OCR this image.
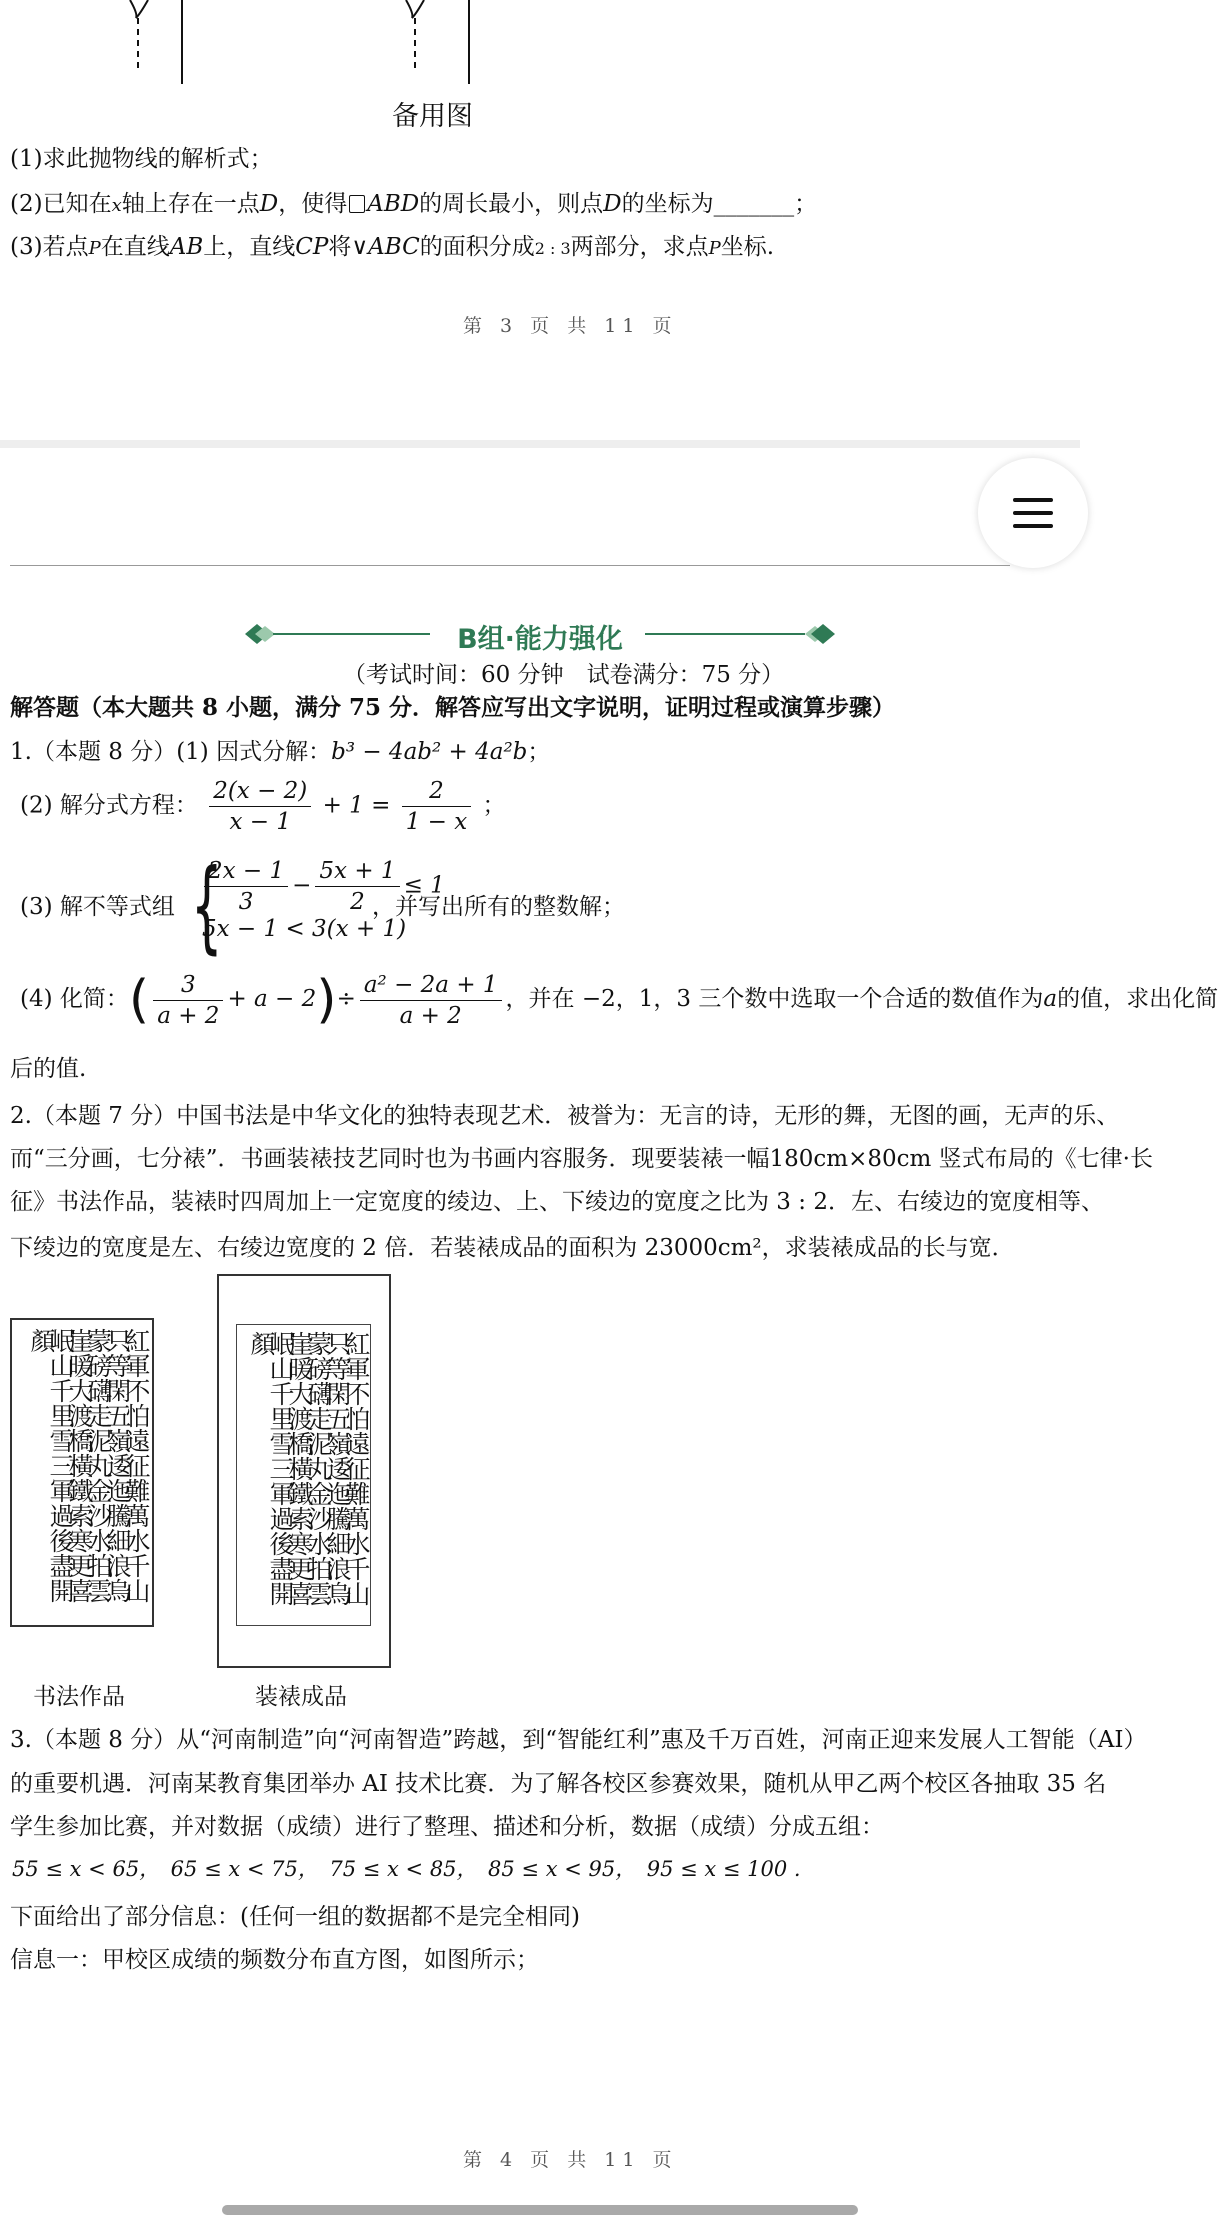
备用图
(1)求此抛物线的解析式；
(2)已知在x轴上存在一点D，使得 ABD的周长最小，则点D的坐标为_______；
(3)若点P在直线AB上，直线CP将∨ABC的面积分成2 : 3两部分，求点P坐标.
第 3 页 共 11 页
B组·能力强化
（考试时间：60 分钟　试卷满分：75 分）
解答题（本大题共 8 小题，满分 75 分．解答应写出文字说明，证明过程或演算步骤）
1.（本题 8 分）(1) 因式分解：b³ − 4ab² + 4a²b；
(2) 解分式方程： $\frac{2(x - 2)}{x - 1} + 1 = \frac{2}{1 - x}$ ；
(3) 解不等式组 {
$\frac{2x - 1}{3} - \frac{5x + 1}{2} \le 1$
5x − 1 < 3(x + 1)
，并写出所有的整数解；
(4) 化简：( $\frac{3}{a + 2} + a - 2)\div \frac{\text{a² − 2a + 1}}{a + 2}$ ，并在 −2，1，3 三个数中选取一个合适的数值作为a的值，求出化简
后的值.
2.（本题 7 分）中国书法是中华文化的独特表现艺术．被誉为：无言的诗，无形的舞，无图的画，无声的乐、
而“三分画，七分裱”．书画装裱技艺同时也为书画内容服务．现要装裱一幅180cm×80cm 竖式布局的《七律·长
征》书法作品，装裱时四周加上一定宽度的绫边、上、下绫边的宽度之比为 3 : 2．左、右绫边的宽度相等、
下绫边的宽度是左、右绫边宽度的 2 倍．若装裱成品的面积为 23000cm²，求装裱成品的长与宽．
紅軍不怕遠征難萬水千山只等閑五嶺逶迤騰細浪烏蒙磅礴走泥丸金沙水拍雲崖暖大渡橋橫鐵索寒更喜岷山千里雪三軍過後盡開顏	紅軍不怕遠征難萬水千山只等閑五嶺逶迤騰細浪烏蒙磅礴走泥丸金沙水拍雲崖暖大渡橋橫鐵索寒更喜岷山千里雪三軍過後盡開顏
书法作品	装裱成品
3.（本题 8 分）从“河南制造”向“河南智造”跨越，到“智能红利”惠及千万百姓，河南正迎来发展人工智能（AI）
的重要机遇．河南某教育集团举办 AI 技术比赛．为了解各校区参赛效果，随机从甲乙两个校区各抽取 35 名
学生参加比赛，并对数据（成绩）进行了整理、描述和分析，数据（成绩）分成五组：
55 ≤ x < 65，　65 ≤ x < 75，　75 ≤ x < 85，　85 ≤ x < 95，　95 ≤ x ≤ 100 .
下面给出了部分信息：(任何一组的数据都不是完全相同)
信息一：甲校区成绩的频数分布直方图，如图所示；
第 4 页 共 11 页
